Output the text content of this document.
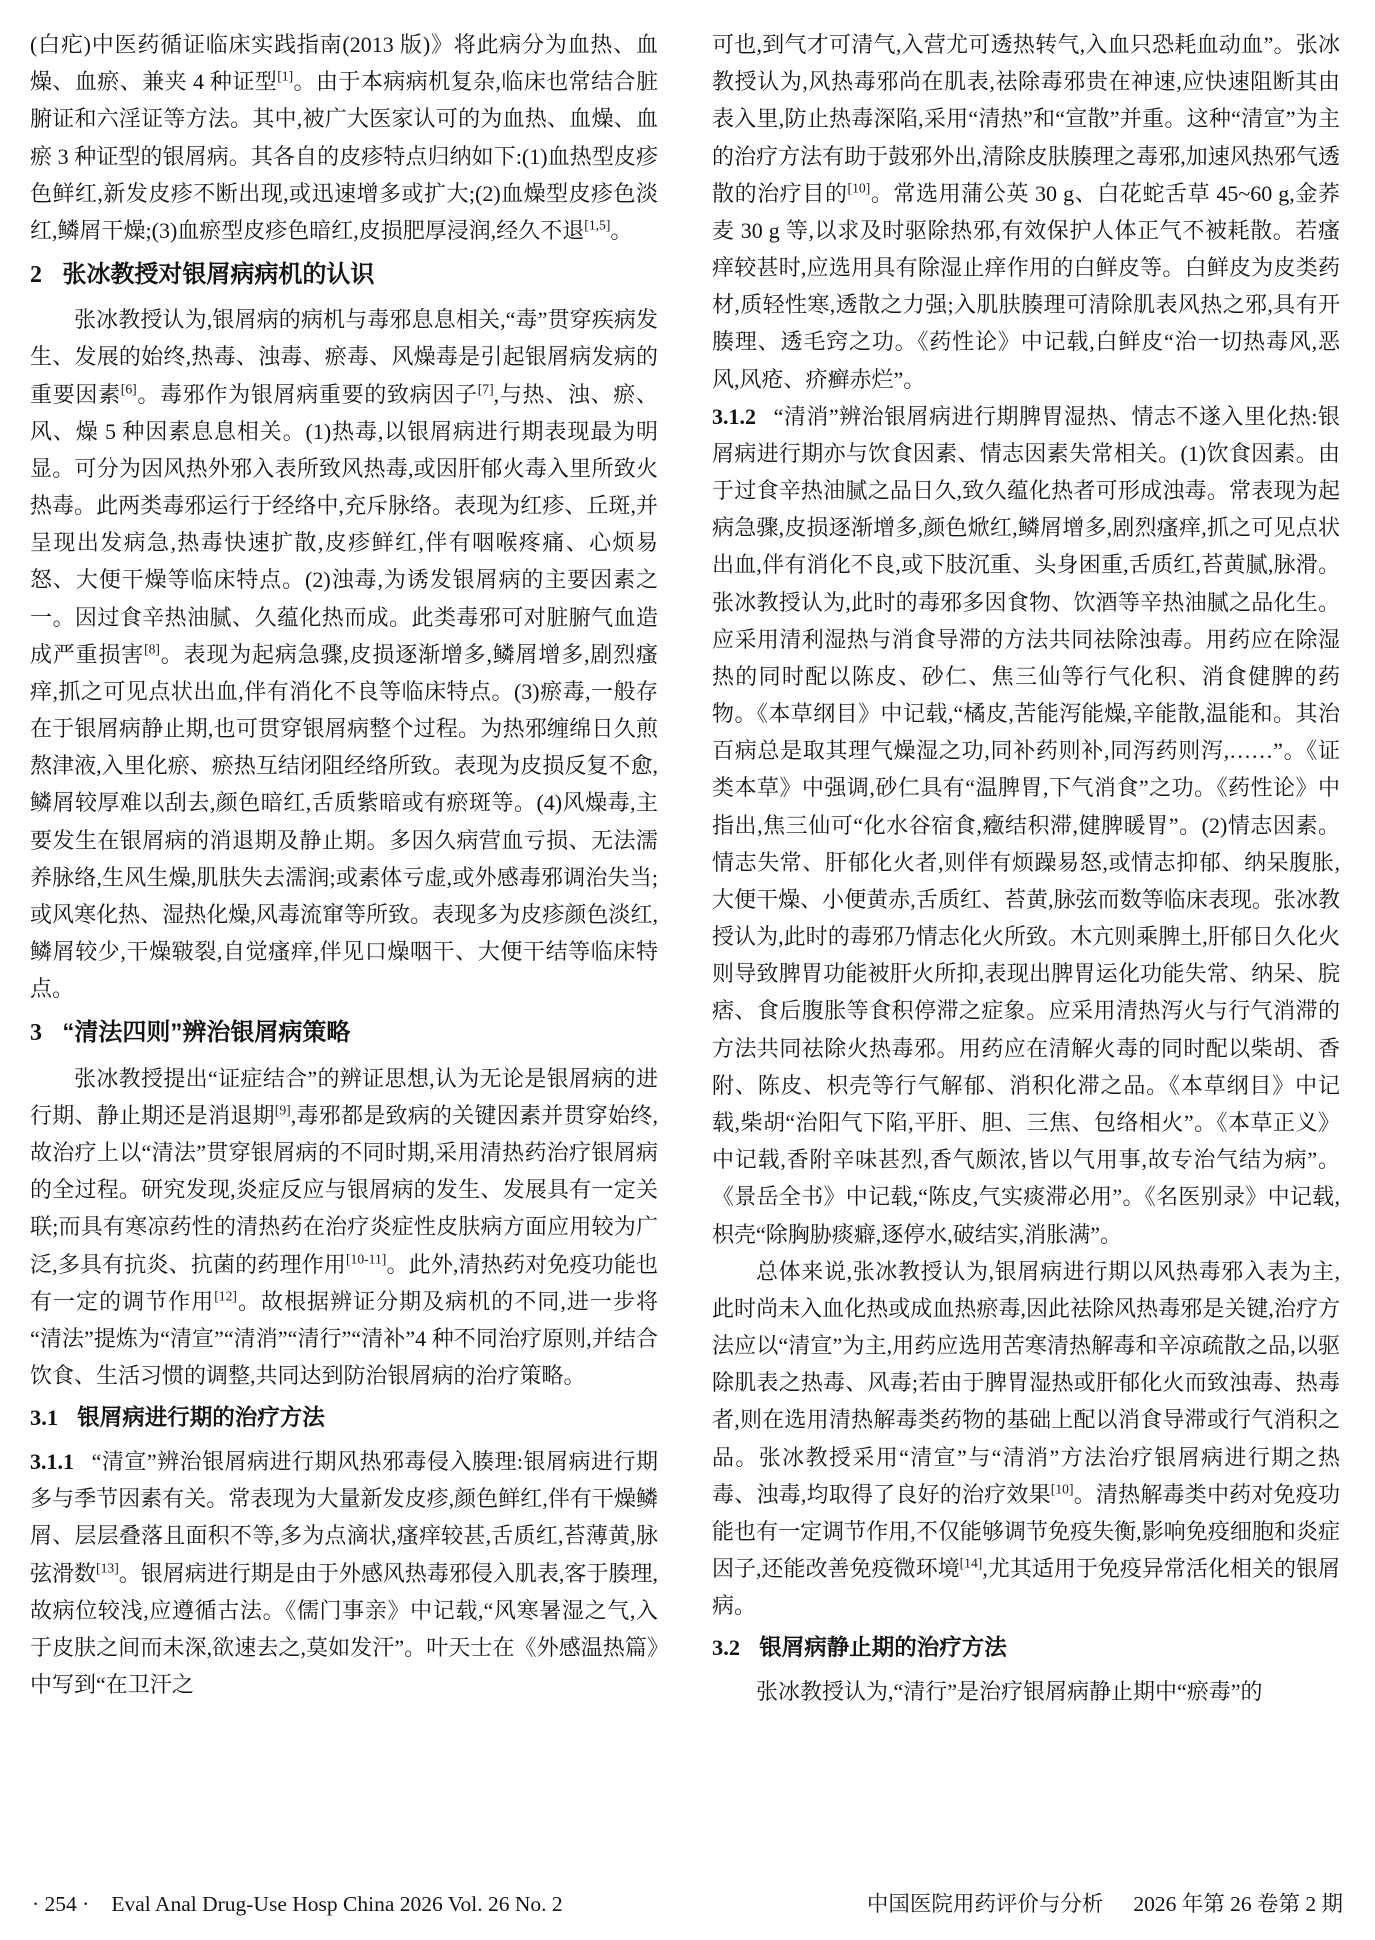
(白疕)中医药循证临床实践指南(2013 版)》将此病分为血热、血燥、血瘀、兼夹 4 种证型[1]。由于本病病机复杂,临床也常结合脏腑证和六淫证等方法。其中,被广大医家认可的为血热、血燥、血瘀 3 种证型的银屑病。其各自的皮疹特点归纳如下:(1)血热型皮疹色鲜红,新发皮疹不断出现,或迅速增多或扩大;(2)血燥型皮疹色淡红,鳞屑干燥;(3)血瘀型皮疹色暗红,皮损肥厚浸润,经久不退[1,5]。

2 张冰教授对银屑病病机的认识

张冰教授认为,银屑病的病机与毒邪息息相关,“毒”贯穿疾病发生、发展的始终,热毒、浊毒、瘀毒、风燥毒是引起银屑病发病的重要因素[6]。毒邪作为银屑病重要的致病因子[7],与热、浊、瘀、风、燥 5 种因素息息相关。(1)热毒,以银屑病进行期表现最为明显。可分为因风热外邪入表所致风热毒,或因肝郁火毒入里所致火热毒。此两类毒邪运行于经络中,充斥脉络。表现为红疹、丘斑,并呈现出发病急,热毒快速扩散,皮疹鲜红,伴有咽喉疼痛、心烦易怒、大便干燥等临床特点。(2)浊毒,为诱发银屑病的主要因素之一。因过食辛热油腻、久蕴化热而成。此类毒邪可对脏腑气血造成严重损害[8]。表现为起病急骤,皮损逐渐增多,鳞屑增多,剧烈瘙痒,抓之可见点状出血,伴有消化不良等临床特点。(3)瘀毒,一般存在于银屑病静止期,也可贯穿银屑病整个过程。为热邪缠绵日久煎熬津液,入里化瘀、瘀热互结闭阻经络所致。表现为皮损反复不愈,鳞屑较厚难以刮去,颜色暗红,舌质紫暗或有瘀斑等。(4)风燥毒,主要发生在银屑病的消退期及静止期。多因久病营血亏损、无法濡养脉络,生风生燥,肌肤失去濡润;或素体亏虚,或外感毒邪调治失当;或风寒化热、湿热化燥,风毒流窜等所致。表现多为皮疹颜色淡红,鳞屑较少,干燥皲裂,自觉瘙痒,伴见口燥咽干、大便干结等临床特点。

3 “清法四则”辨治银屑病策略

张冰教授提出“证症结合”的辨证思想,认为无论是银屑病的进行期、静止期还是消退期[9],毒邪都是致病的关键因素并贯穿始终,故治疗上以“清法”贯穿银屑病的不同时期,采用清热药治疗银屑病的全过程。研究发现,炎症反应与银屑病的发生、发展具有一定关联;而具有寒凉药性的清热药在治疗炎症性皮肤病方面应用较为广泛,多具有抗炎、抗菌的药理作用[10-11]。此外,清热药对免疫功能也有一定的调节作用[12]。故根据辨证分期及病机的不同,进一步将“清法”提炼为“清宣”“清消”“清行”“清补”4 种不同治疗原则,并结合饮食、生活习惯的调整,共同达到防治银屑病的治疗策略。

3.1 银屑病进行期的治疗方法

3.1.1 “清宣”辨治银屑病进行期风热邪毒侵入腠理:银屑病进行期多与季节因素有关。常表现为大量新发皮疹,颜色鲜红,伴有干燥鳞屑、层层叠落且面积不等,多为点滴状,瘙痒较甚,舌质红,苔薄黄,脉弦滑数[13]。银屑病进行期是由于外感风热毒邪侵入肌表,客于腠理,故病位较浅,应遵循古法。《儒门事亲》中记载,“风寒暑湿之气,入于皮肤之间而未深,欲速去之,莫如发汗”。叶天士在《外感温热篇》中写到“在卫汗之

可也,到气才可清气,入营尤可透热转气,入血只恐耗血动血”。张冰教授认为,风热毒邪尚在肌表,祛除毒邪贵在神速,应快速阻断其由表入里,防止热毒深陷,采用“清热”和“宣散”并重。这种“清宣”为主的治疗方法有助于鼓邪外出,清除皮肤腠理之毒邪,加速风热邪气透散的治疗目的[10]。常选用蒲公英 30 g、白花蛇舌草 45~60 g,金荞麦 30 g 等,以求及时驱除热邪,有效保护人体正气不被耗散。若瘙痒较甚时,应选用具有除湿止痒作用的白鲜皮等。白鲜皮为皮类药材,质轻性寒,透散之力强;入肌肤腠理可清除肌表风热之邪,具有开腠理、透毛窍之功。《药性论》中记载,白鲜皮“治一切热毒风,恶风,风疮、疥癣赤烂”。

3.1.2 “清消”辨治银屑病进行期脾胃湿热、情志不遂入里化热:银屑病进行期亦与饮食因素、情志因素失常相关。(1)饮食因素。由于过食辛热油腻之品日久,致久蕴化热者可形成浊毒。常表现为起病急骤,皮损逐渐增多,颜色焮红,鳞屑增多,剧烈瘙痒,抓之可见点状出血,伴有消化不良,或下肢沉重、头身困重,舌质红,苔黄腻,脉滑。张冰教授认为,此时的毒邪多因食物、饮酒等辛热油腻之品化生。应采用清利湿热与消食导滞的方法共同祛除浊毒。用药应在除湿热的同时配以陈皮、砂仁、焦三仙等行气化积、消食健脾的药物。《本草纲目》中记载,“橘皮,苦能泻能燥,辛能散,温能和。其治百病总是取其理气燥湿之功,同补药则补,同泻药则泻,……”。《证类本草》中强调,砂仁具有“温脾胃,下气消食”之功。《药性论》中指出,焦三仙可“化水谷宿食,癥结积滞,健脾暖胃”。(2)情志因素。情志失常、肝郁化火者,则伴有烦躁易怒,或情志抑郁、纳呆腹胀,大便干燥、小便黄赤,舌质红、苔黄,脉弦而数等临床表现。张冰教授认为,此时的毒邪乃情志化火所致。木亢则乘脾土,肝郁日久化火则导致脾胃功能被肝火所抑,表现出脾胃运化功能失常、纳呆、脘痞、食后腹胀等食积停滞之症象。应采用清热泻火与行气消滞的方法共同祛除火热毒邪。用药应在清解火毒的同时配以柴胡、香附、陈皮、枳壳等行气解郁、消积化滞之品。《本草纲目》中记载,柴胡“治阳气下陷,平肝、胆、三焦、包络相火”。《本草正义》中记载,香附辛味甚烈,香气颇浓,皆以气用事,故专治气结为病”。《景岳全书》中记载,“陈皮,气实痰滞必用”。《名医别录》中记载,枳壳“除胸胁痰癖,逐停水,破结实,消胀满”。

总体来说,张冰教授认为,银屑病进行期以风热毒邪入表为主,此时尚未入血化热或成血热瘀毒,因此祛除风热毒邪是关键,治疗方法应以“清宣”为主,用药应选用苦寒清热解毒和辛凉疏散之品,以驱除肌表之热毒、风毒;若由于脾胃湿热或肝郁化火而致浊毒、热毒者,则在选用清热解毒类药物的基础上配以消食导滞或行气消积之品。张冰教授采用“清宣”与“清消”方法治疗银屑病进行期之热毒、浊毒,均取得了良好的治疗效果[10]。清热解毒类中药对免疫功能也有一定调节作用,不仅能够调节免疫失衡,影响免疫细胞和炎症因子,还能改善免疫微环境[14],尤其适用于免疫异常活化相关的银屑病。

3.2 银屑病静止期的治疗方法

张冰教授认为,“清行”是治疗银屑病静止期中“瘀毒”的

· 254 · Eval Anal Drug-Use Hosp China 2026 Vol. 26 No. 2	中国医院用药评价与分析 2026 年第 26 卷第 2 期
